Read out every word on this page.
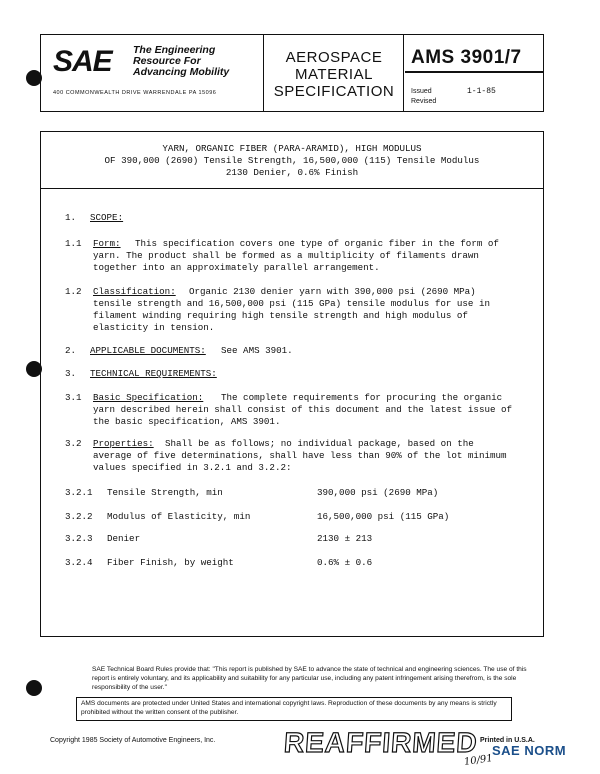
SAE The Engineering
Resource For
Advancing Mobility
400 COMMONWEALTH DRIVE WARRENDALE PA 15096
AEROSPACE
MATERIAL
SPECIFICATION
AMS 3901/7
Issued	1-1-85
Revised
YARN, ORGANIC FIBER (PARA-ARAMID), HIGH MODULUS
OF 390,000 (2690) Tensile Strength, 16,500,000 (115) Tensile Modulus
2130 Denier, 0.6% Finish
1. SCOPE:
1.1 Form: This specification covers one type of organic fiber in the form of
yarn. The product shall be formed as a multiplicity of filaments drawn
together into an approximately parallel arrangement.
1.2 Classification: Organic 2130 denier yarn with 390,000 psi (2690 MPa)
tensile strength and 16,500,000 psi (115 GPa) tensile modulus for use in
filament winding requiring high tensile strength and high modulus of
elasticity in tension.
2. APPLICABLE DOCUMENTS: See AMS 3901.
3. TECHNICAL REQUIREMENTS:
3.1 Basic Specification: The complete requirements for procuring the organic
yarn described herein shall consist of this document and the latest issue of
the basic specification, AMS 3901.
3.2 Properties: Shall be as follows; no individual package, based on the
average of five determinations, shall have less than 90% of the lot minimum
values specified in 3.2.1 and 3.2.2:
3.2.1 Tensile Strength, min	390,000 psi (2690 MPa)
3.2.2 Modulus of Elasticity, min	16,500,000 psi (115 GPa)
3.2.3 Denier	2130 ± 213
3.2.4 Fiber Finish, by weight	0.6% ± 0.6
SAE Technical Board Rules provide that: "This report is published by SAE to advance the state of technical and engineering sciences. The use of this report is entirely voluntary, and its applicability and suitability for any particular use, including any patent infringement arising therefrom, is the sole responsibility of the user."
AMS documents are protected under United States and international copyright laws. Reproduction of these documents by any means is strictly prohibited without the written consent of the publisher.
Copyright 1985 Society of Automotive Engineers, Inc. REAFFIRMED Printed in U.S.A.
SAE NORM
10/91
